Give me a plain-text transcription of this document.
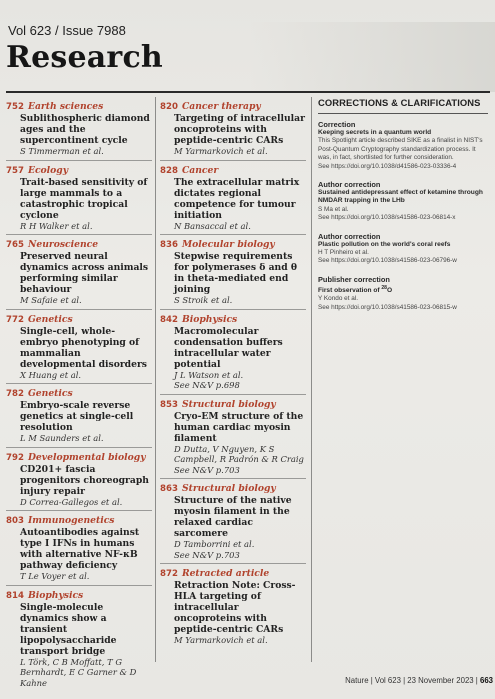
Vol 623 / Issue 7988
Research
752 Earth sciences
Sublithospheric diamond ages and the supercontinent cycle
S Timmerman et al.
757 Ecology
Trait-based sensitivity of large mammals to a catastrophic tropical cyclone
R H Walker et al.
765 Neuroscience
Preserved neural dynamics across animals performing similar behaviour
M Safaie et al.
772 Genetics
Single-cell, whole-embryo phenotyping of mammalian developmental disorders
X Huang et al.
782 Genetics
Embryo-scale reverse genetics at single-cell resolution
L M Saunders et al.
792 Developmental biology
CD201+ fascia progenitors choreograph injury repair
D Correa-Gallegos et al.
803 Immunogenetics
Autoantibodies against type I IFNs in humans with alternative NF-κB pathway deficiency
T Le Voyer et al.
814 Biophysics
Single-molecule dynamics show a transient lipopolysaccharide transport bridge
L Törk, C B Moffatt, T G Bernhardt, E C Garner & D Kahne
820 Cancer therapy
Targeting of intracellular oncoproteins with peptide-centric CARs
M Yarmarkovich et al.
828 Cancer
The extracellular matrix dictates regional competence for tumour initiation
N Bansaccal et al.
836 Molecular biology
Stepwise requirements for polymerases δ and θ in theta-mediated end joining
S Stroik et al.
842 Biophysics
Macromolecular condensation buffers intracellular water potential
J L Watson et al.
See N&V p.698
853 Structural biology
Cryo-EM structure of the human cardiac myosin filament
D Dutta, V Nguyen, K S Campbell, R Padrón & R Craig
See N&V p.703
863 Structural biology
Structure of the native myosin filament in the relaxed cardiac sarcomere
D Tamborrini et al.
See N&V p.703
872 Retracted article
Retraction Note: Cross-HLA targeting of intracellular oncoproteins with peptide-centric CARs
M Yarmarkovich et al.
CORRECTIONS & CLARIFICATIONS
Correction
Keeping secrets in a quantum world
This Spotlight article described SIKE as a finalist in NIST's Post-Quantum Cryptography standardization process. It was, in fact, shortlisted for further consideration.
See https://doi.org/10.1038/d41586-023-03336-4
Author correction
Sustained antidepressant effect of ketamine through NMDAR trapping in the LHb
S Ma et al.
See https://doi.org/10.1038/s41586-023-06814-x
Author correction
Plastic pollution on the world's coral reefs
H T Pinheiro et al.
See https://doi.org/10.1038/s41586-023-06796-w
Publisher correction
First observation of $^{28}$O
Y Kondo et al.
See https://doi.org/10.1038/s41586-023-06815-w
Nature | Vol 623 | 23 November 2023 | 663
